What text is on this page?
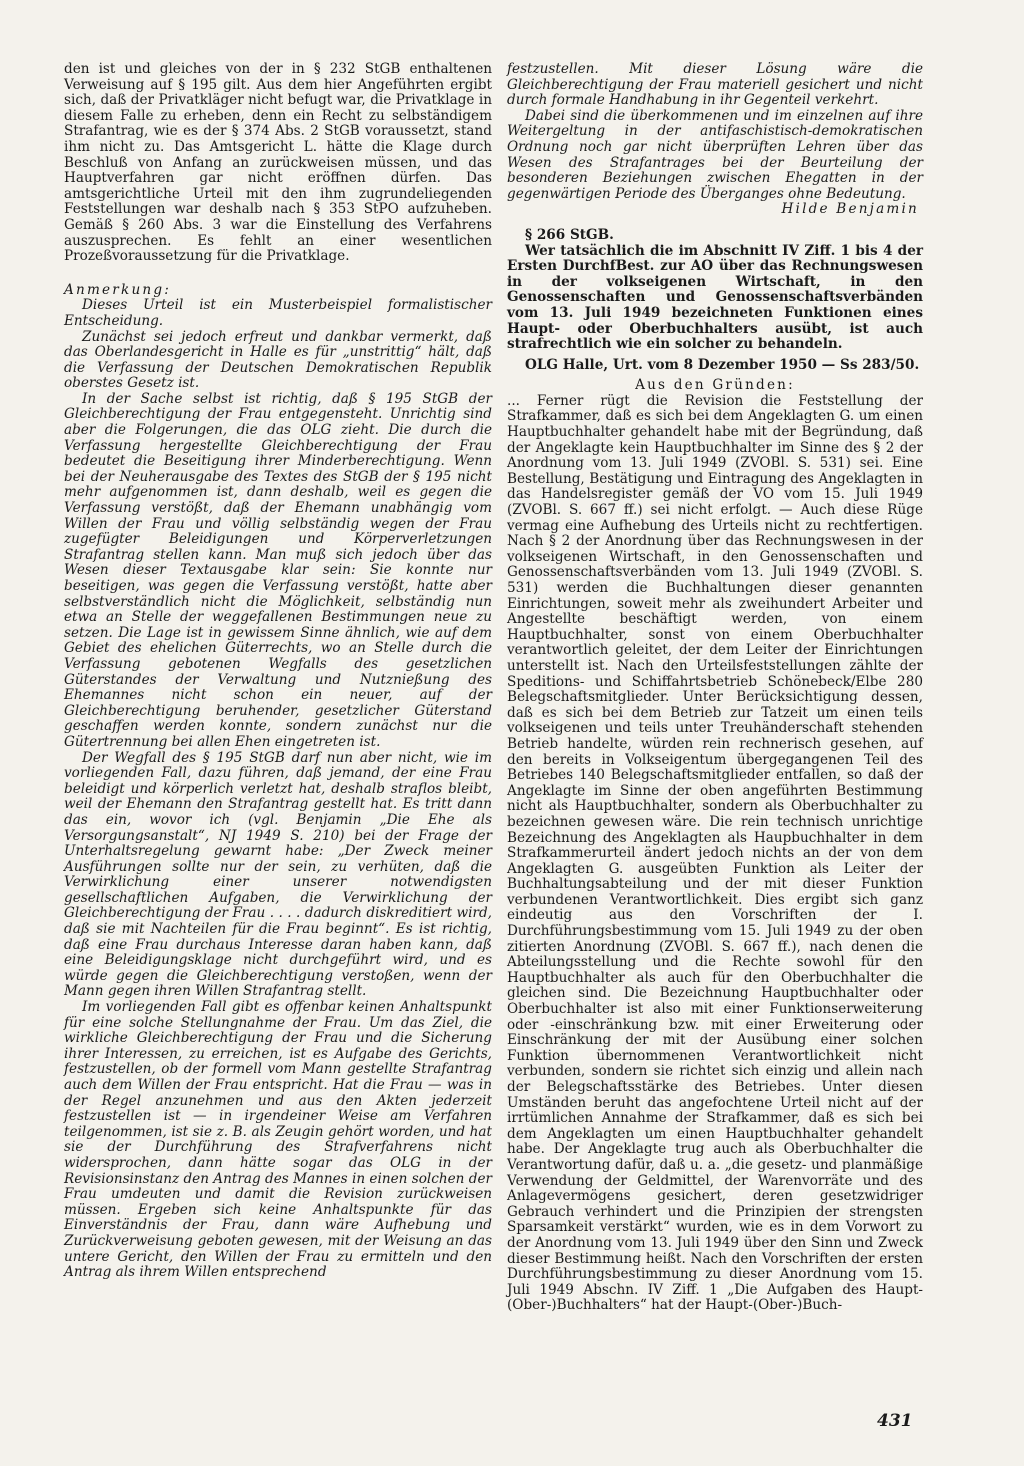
den ist und gleiches von der in § 232 StGB enthaltenen Verweisung auf § 195 gilt. Aus dem hier Angeführten ergibt sich, daß der Privatkläger nicht befugt war, die Privatklage in diesem Falle zu erheben, denn ein Recht zu selbständigem Strafantrag, wie es der § 374 Abs. 2 StGB voraussetzt, stand ihm nicht zu. Das Amtsgericht L. hätte die Klage durch Beschluß von Anfang an zurückweisen müssen, und das Hauptverfahren gar nicht eröffnen dürfen. Das amtsgerichtliche Urteil mit den ihm zugrundeliegenden Feststellungen war deshalb nach § 353 StPO aufzuheben. Gemäß § 260 Abs. 3 war die Einstellung des Verfahrens auszusprechen. Es fehlt an einer wesentlichen Prozeßvoraussetzung für die Privatklage.

Anmerkung:

Dieses Urteil ist ein Musterbeispiel formalistischer Entscheidung.

Zunächst sei jedoch erfreut und dankbar vermerkt, daß das Oberlandesgericht in Halle es für „unstrittig“ hält, daß die Verfassung der Deutschen Demokratischen Republik oberstes Gesetz ist.

In der Sache selbst ist richtig, daß § 195 StGB der Gleichberechtigung der Frau entgegensteht. Unrichtig sind aber die Folgerungen, die das OLG zieht. Die durch die Verfassung hergestellte Gleichberechtigung der Frau bedeutet die Beseitigung ihrer Minderberechtigung. Wenn bei der Neuherausgabe des Textes des StGB der § 195 nicht mehr aufgenommen ist, dann deshalb, weil es gegen die Verfassung verstößt, daß der Ehemann unabhängig vom Willen der Frau und völlig selbständig wegen der Frau zugefügter Beleidigungen und Körperverletzungen Strafantrag stellen kann. Man muß sich jedoch über das Wesen dieser Textausgabe klar sein: Sie konnte nur beseitigen, was gegen die Verfassung verstößt, hatte aber selbstverständlich nicht die Möglichkeit, selbständig nun etwa an Stelle der weggefallenen Bestimmungen neue zu setzen. Die Lage ist in gewissem Sinne ähnlich, wie auf dem Gebiet des ehelichen Güterrechts, wo an Stelle durch die Verfassung gebotenen Wegfalls des gesetzlichen Güterstandes der Verwaltung und Nutznießung des Ehemannes nicht schon ein neuer, auf der Gleichberechtigung beruhender, gesetzlicher Güterstand geschaffen werden konnte, sondern zunächst nur die Gütertrennung bei allen Ehen eingetreten ist.

Der Wegfall des § 195 StGB darf nun aber nicht, wie im vorliegenden Fall, dazu führen, daß jemand, der eine Frau beleidigt und körperlich verletzt hat, deshalb straflos bleibt, weil der Ehemann den Strafantrag gestellt hat. Es tritt dann das ein, wovor ich (vgl. Benjamin „Die Ehe als Versorgungsanstalt“, NJ 1949 S. 210) bei der Frage der Unterhaltsregelung gewarnt habe: „Der Zweck meiner Ausführungen sollte nur der sein, zu verhüten, daß die Verwirklichung einer unserer notwendigsten gesellschaftlichen Aufgaben, die Verwirklichung der Gleichberechtigung der Frau . . . . dadurch diskreditiert wird, daß sie mit Nachteilen für die Frau beginnt“. Es ist richtig, daß eine Frau durchaus Interesse daran haben kann, daß eine Beleidigungsklage nicht durchgeführt wird, und es würde gegen die Gleichberechtigung verstoßen, wenn der Mann gegen ihren Willen Strafantrag stellt.

Im vorliegenden Fall gibt es offenbar keinen Anhaltspunkt für eine solche Stellungnahme der Frau. Um das Ziel, die wirkliche Gleichberechtigung der Frau und die Sicherung ihrer Interessen, zu erreichen, ist es Aufgabe des Gerichts, festzustellen, ob der formell vom Mann gestellte Strafantrag auch dem Willen der Frau entspricht. Hat die Frau — was in der Regel anzunehmen und aus den Akten jederzeit festzustellen ist — in irgendeiner Weise am Verfahren teilgenommen, ist sie z. B. als Zeugin gehört worden, und hat sie der Durchführung des Strafverfahrens nicht widersprochen, dann hätte sogar das OLG in der Revisionsinstanz den Antrag des Mannes in einen solchen der Frau umdeuten und damit die Revision zurückweisen müssen. Ergeben sich keine Anhaltspunkte für das Einverständnis der Frau, dann wäre Aufhebung und Zurückverweisung geboten gewesen, mit der Weisung an das untere Gericht, den Willen der Frau zu ermitteln und den Antrag als ihrem Willen entsprechend

festzustellen. Mit dieser Lösung wäre die Gleichberechtigung der Frau materiell gesichert und nicht durch formale Handhabung in ihr Gegenteil verkehrt.

Dabei sind die überkommenen und im einzelnen auf ihre Weitergeltung in der antifaschistisch-demokratischen Ordnung noch gar nicht überprüften Lehren über das Wesen des Strafantrages bei der Beurteilung der besonderen Beziehungen zwischen Ehegatten in der gegenwärtigen Periode des Überganges ohne Bedeutung.

Hilde Benjamin

§ 266 StGB.

Wer tatsächlich die im Abschnitt IV Ziff. 1 bis 4 der Ersten DurchfBest. zur AO über das Rechnungswesen in der volkseigenen Wirtschaft, in den Genossenschaften und Genossenschaftsverbänden vom 13. Juli 1949 bezeichneten Funktionen eines Haupt- oder Oberbuchhalters ausübt, ist auch strafrechtlich wie ein solcher zu behandeln.

OLG Halle, Urt. vom 8 Dezember 1950 — Ss 283/50.

Aus den Gründen:

... Ferner rügt die Revision die Feststellung der Strafkammer, daß es sich bei dem Angeklagten G. um einen Hauptbuchhalter gehandelt habe mit der Begründung, daß der Angeklagte kein Hauptbuchhalter im Sinne des § 2 der Anordnung vom 13. Juli 1949 (ZVOBl. S. 531) sei. Eine Bestellung, Bestätigung und Eintragung des Angeklagten in das Handelsregister gemäß der VO vom 15. Juli 1949 (ZVOBl. S. 667 ff.) sei nicht erfolgt. — Auch diese Rüge vermag eine Aufhebung des Urteils nicht zu rechtfertigen. Nach § 2 der Anordnung über das Rechnungswesen in der volkseigenen Wirtschaft, in den Genossenschaften und Genossenschaftsverbänden vom 13. Juli 1949 (ZVOBl. S. 531) werden die Buchhaltungen dieser genannten Einrichtungen, soweit mehr als zweihundert Arbeiter und Angestellte beschäftigt werden, von einem Hauptbuchhalter, sonst von einem Oberbuchhalter verantwortlich geleitet, der dem Leiter der Einrichtungen unterstellt ist. Nach den Urteilsfeststellungen zählte der Speditions- und Schiffahrtsbetrieb Schönebeck/Elbe 280 Belegschaftsmitglieder. Unter Berücksichtigung dessen, daß es sich bei dem Betrieb zur Tatzeit um einen teils volkseigenen und teils unter Treuhänderschaft stehenden Betrieb handelte, würden rein rechnerisch gesehen, auf den bereits in Volkseigentum übergegangenen Teil des Betriebes 140 Belegschaftsmitglieder entfallen, so daß der Angeklagte im Sinne der oben angeführten Bestimmung nicht als Hauptbuchhalter, sondern als Oberbuchhalter zu bezeichnen gewesen wäre. Die rein technisch unrichtige Bezeichnung des Angeklagten als Haupbuchhalter in dem Strafkammerurteil ändert jedoch nichts an der von dem Angeklagten G. ausgeübten Funktion als Leiter der Buchhaltungsabteilung und der mit dieser Funktion verbundenen Verantwortlichkeit. Dies ergibt sich ganz eindeutig aus den Vorschriften der I. Durchführungsbestimmung vom 15. Juli 1949 zu der oben zitierten Anordnung (ZVOBl. S. 667 ff.), nach denen die Abteilungsstellung und die Rechte sowohl für den Hauptbuchhalter als auch für den Oberbuchhalter die gleichen sind. Die Bezeichnung Hauptbuchhalter oder Oberbuchhalter ist also mit einer Funktionserweiterung oder -einschränkung bzw. mit einer Erweiterung oder Einschränkung der mit der Ausübung einer solchen Funktion übernommenen Verantwortlichkeit nicht verbunden, sondern sie richtet sich einzig und allein nach der Belegschaftsstärke des Betriebes. Unter diesen Umständen beruht das angefochtene Urteil nicht auf der irrtümlichen Annahme der Strafkammer, daß es sich bei dem Angeklagten um einen Hauptbuchhalter gehandelt habe. Der Angeklagte trug auch als Oberbuchhalter die Verantwortung dafür, daß u. a. „die gesetz- und planmäßige Verwendung der Geldmittel, der Warenvorräte und des Anlagevermögens gesichert, deren gesetzwidriger Gebrauch verhindert und die Prinzipien der strengsten Sparsamkeit verstärkt“ wurden, wie es in dem Vorwort zu der Anordnung vom 13. Juli 1949 über den Sinn und Zweck dieser Bestimmung heißt. Nach den Vorschriften der ersten Durchführungsbestimmung zu dieser Anordnung vom 15. Juli 1949 Abschn. IV Ziff. 1 „Die Aufgaben des Haupt-(Ober-)Buchhalters“ hat der Haupt-(Ober-)Buch-

431
